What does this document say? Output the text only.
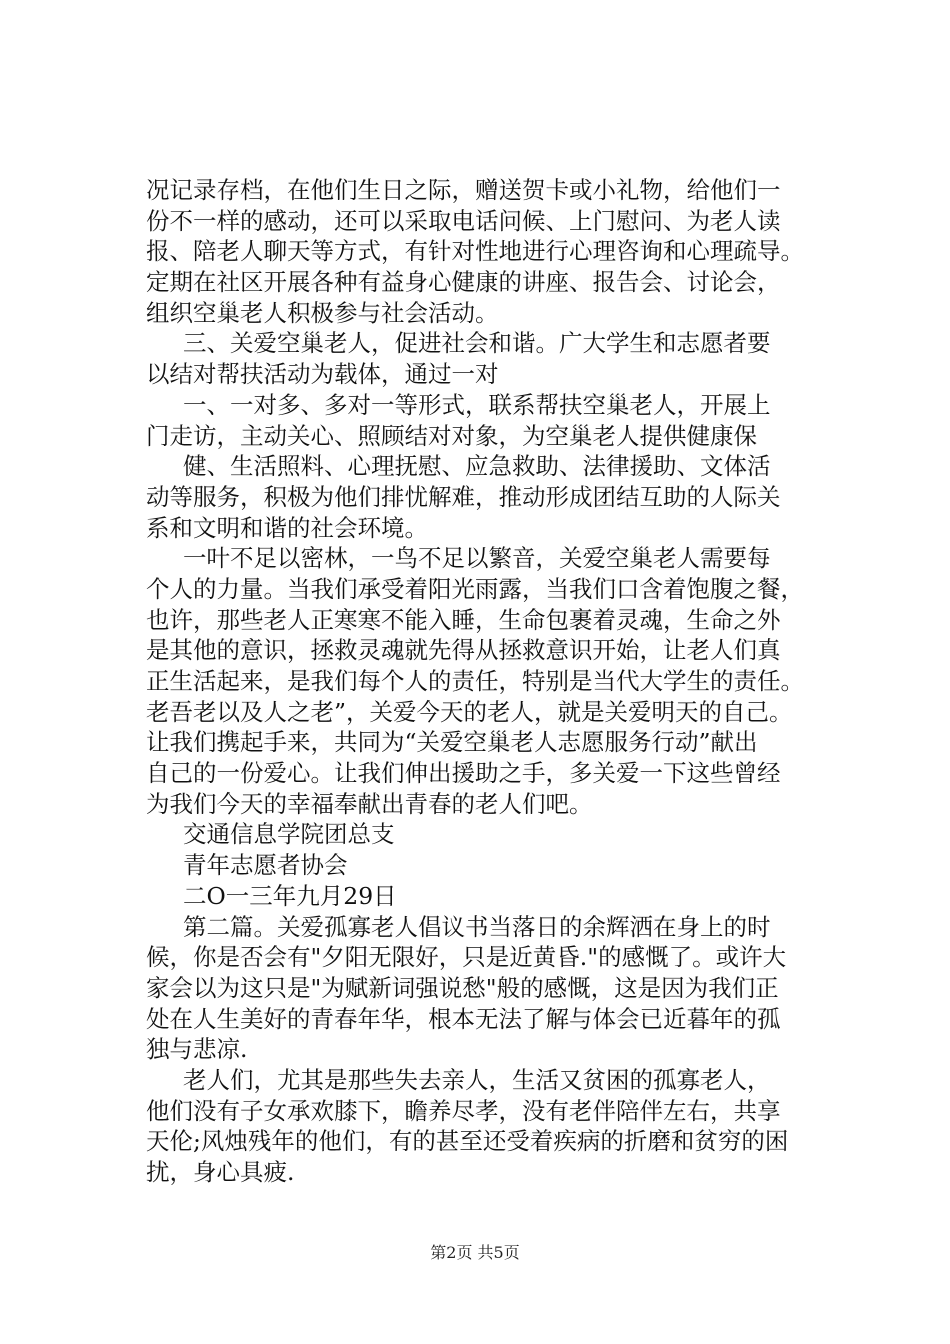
况记录存档，在他们生日之际，赠送贺卡或小礼物，给他们一
份不一样的感动，还可以采取电话问候、上门慰问、为老人读
报、陪老人聊天等方式，有针对性地进行心理咨询和心理疏导。
定期在社区开展各种有益身心健康的讲座、报告会、讨论会，
组织空巢老人积极参与社会活动。
三、关爱空巢老人，促进社会和谐。广大学生和志愿者要
以结对帮扶活动为载体，通过一对
一、一对多、多对一等形式，联系帮扶空巢老人，开展上
门走访，主动关心、照顾结对对象，为空巢老人提供健康保
健、生活照料、心理抚慰、应急救助、法律援助、文体活
动等服务，积极为他们排忧解难，推动形成团结互助的人际关
系和文明和谐的社会环境。
一叶不足以密林，一鸟不足以繁音，关爱空巢老人需要每
个人的力量。当我们承受着阳光雨露，当我们口含着饱腹之餐，
也许，那些老人正寒寒不能入睡，生命包裹着灵魂，生命之外
是其他的意识，拯救灵魂就先得从拯救意识开始，让老人们真
正生活起来，是我们每个人的责任，特别是当代大学生的责任。
老吾老以及人之老”，关爱今天的老人，就是关爱明天的自己。
让我们携起手来，共同为“关爱空巢老人志愿服务行动”献出
自己的一份爱心。让我们伸出援助之手，多关爱一下这些曾经
为我们今天的幸福奉献出青春的老人们吧。
交通信息学院团总支
青年志愿者协会
二O一三年九月29日
第二篇。关爱孤寡老人倡议书当落日的余辉洒在身上的时
候，你是否会有"夕阳无限好，只是近黄昏."的感慨了。或许大
家会以为这只是"为赋新词强说愁"般的感慨，这是因为我们正
处在人生美好的青春年华，根本无法了解与体会已近暮年的孤
独与悲凉.
老人们，尤其是那些失去亲人，生活又贫困的孤寡老人，
他们没有子女承欢膝下，瞻养尽孝，没有老伴陪伴左右，共享
天伦;风烛残年的他们，有的甚至还受着疾病的折磨和贫穷的困
扰，身心具疲.
第2页 共5页
